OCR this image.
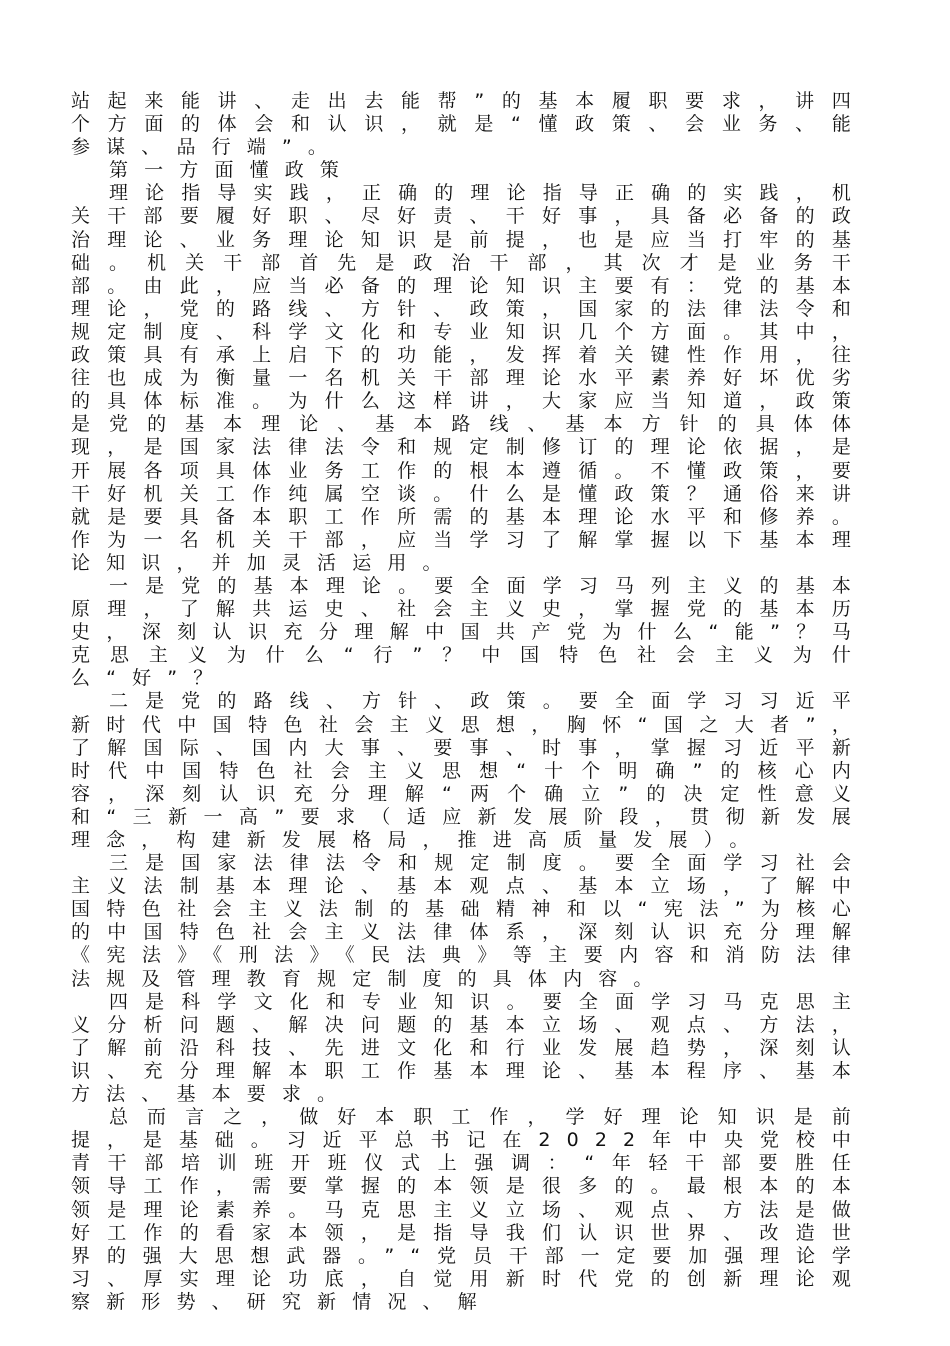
站起来能讲、走出去能帮”的基本履职要求，讲四个方面的体会和认识，就是“懂政策、会业务、能参谋、品行端”。

第一方面懂政策

理论指导实践，正确的理论指导正确的实践，机关干部要履好职、尽好责、干好事，具备必备的政治理论、业务理论知识是前提，也是应当打牢的基础。机关干部首先是政治干部，其次才是业务干部。由此，应当必备的理论知识主要有：党的基本理论，党的路线、方针、政策，国家的法律法令和规定制度、科学文化和专业知识几个方面。其中，政策具有承上启下的功能，发挥着关键性作用，往往也成为衡量一名机关干部理论水平素养好坏优劣的具体标准。为什么这样讲，大家应当知道，政策是党的基本理论、基本路线、基本方针的具体体现，是国家法律法令和规定制修订的理论依据，是开展各项具体业务工作的根本遵循。不懂政策，要干好机关工作纯属空谈。什么是懂政策？通俗来讲就是要具备本职工作所需的基本理论水平和修养。作为一名机关干部，应当学习了解掌握以下基本理论知识，并加灵活运用。

一是党的基本理论。要全面学习马列主义的基本原理，了解共运史、社会主义史，掌握党的基本历史，深刻认识充分理解中国共产党为什么“能”？马克思主义为什么“行”？中国特色社会主义为什么“好”？

二是党的路线、方针、政策。要全面学习习近平新时代中国特色社会主义思想，胸怀“国之大者”，了解国际、国内大事、要事、时事，掌握习近平新时代中国特色社会主义思想“十个明确”的核心内容，深刻认识充分理解“两个确立”的决定性意义和“三新一高”要求（适应新发展阶段，贯彻新发展理念，构建新发展格局，推进高质量发展）。

三是国家法律法令和规定制度。要全面学习社会主义法制基本理论、基本观点、基本立场，了解中国特色社会主义法制的基础精神和以“宪法”为核心的中国特色社会主义法律体系，深刻认识充分理解《宪法》《刑法》《民法典》等主要内容和消防法律法规及管理教育规定制度的具体内容。

四是科学文化和专业知识。要全面学习马克思主义分析问题、解决问题的基本立场、观点、方法，了解前沿科技、先进文化和行业发展趋势，深刻认识、充分理解本职工作基本理论、基本程序、基本方法、基本要求。

总而言之，做好本职工作，学好理论知识是前提，是基础。习近平总书记在2022年中央党校中青干部培训班开班仪式上强调：“年轻干部要胜任领导工作，需要掌握的本领是很多的。最根本的本领是理论素养。马克思主义立场、观点、方法是做好工作的看家本领，是指导我们认识世界、改造世界的强大思想武器。”“党员干部一定要加强理论学习、厚实理论功底，自觉用新时代党的创新理论观察新形势、研究新情况、解
